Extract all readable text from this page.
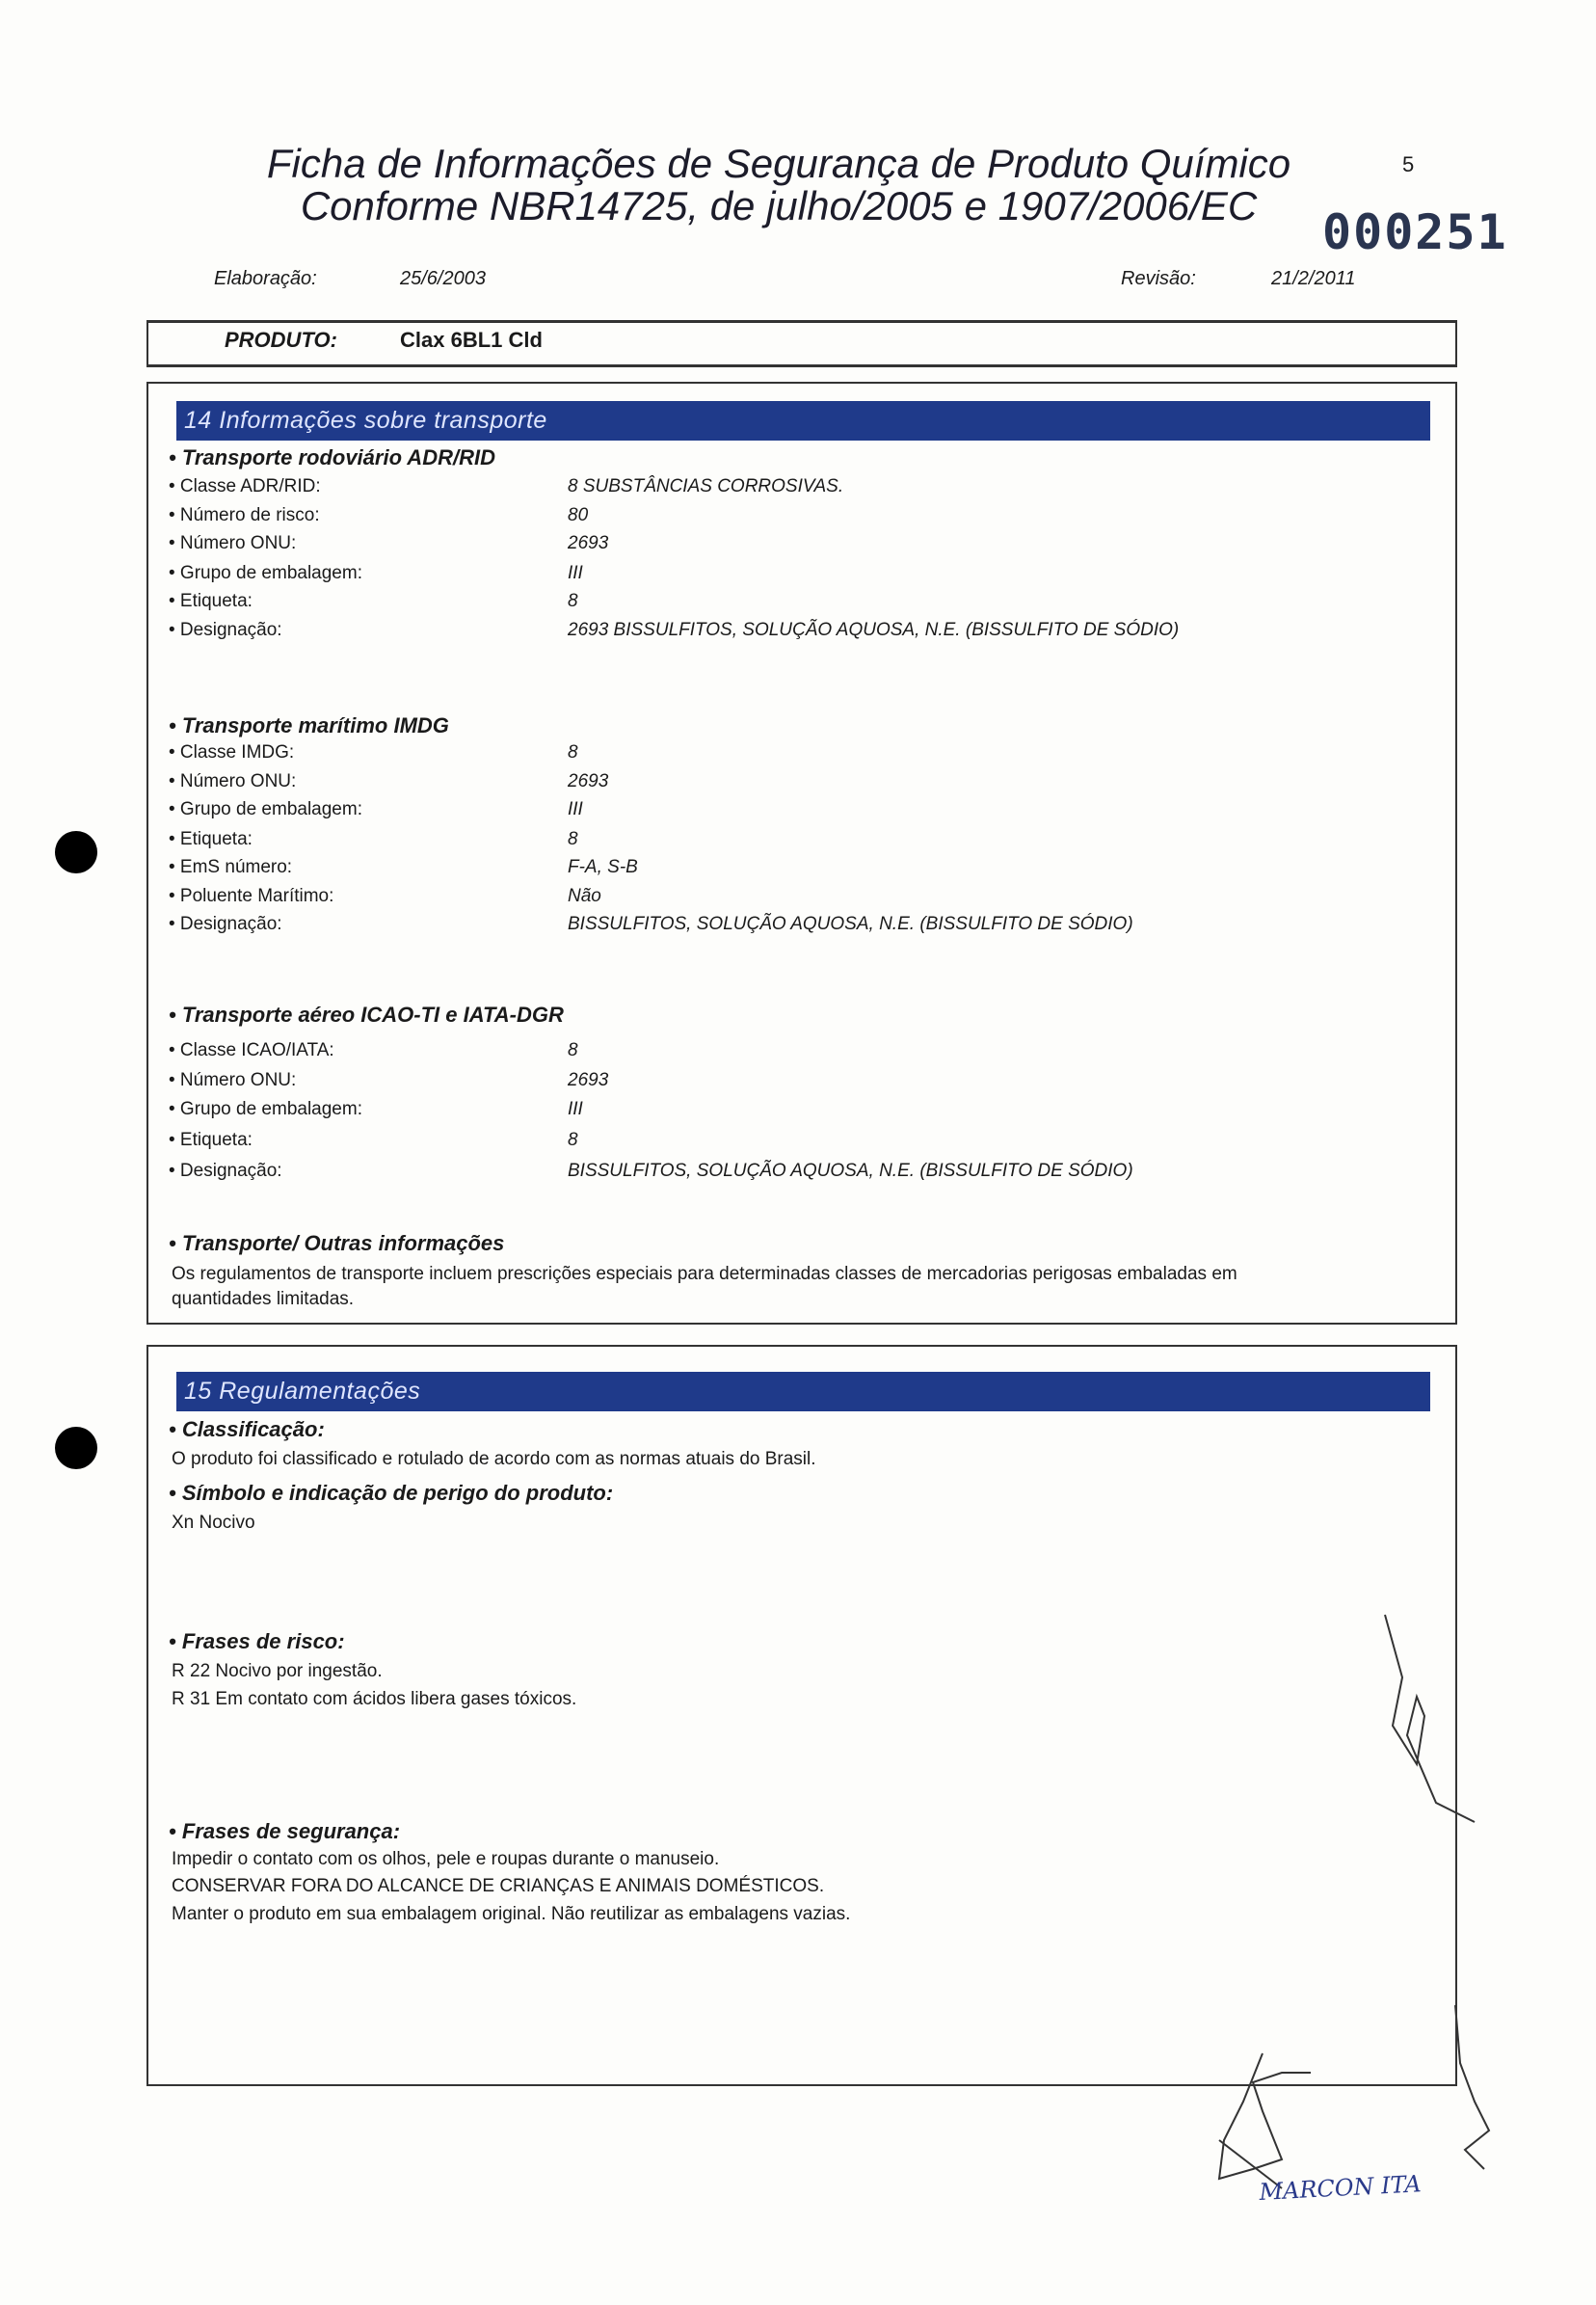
Ficha de Informações de Segurança de Produto Químico
Conforme NBR14725, de julho/2005 e 1907/2006/EC
5
000251
Elaboração:	25/6/2003	Revisão:	21/2/2011
PRODUTO:	Clax 6BL1 Cld
14 Informações sobre transporte
• Transporte rodoviário ADR/RID
• Classe ADR/RID:	8 SUBSTÂNCIAS CORROSIVAS.
• Número de risco:	80
• Número ONU:	2693
• Grupo de embalagem:	III
• Etiqueta:	8
• Designação:	2693 BISSULFITOS, SOLUÇÃO AQUOSA, N.E. (BISSULFITO DE SÓDIO)
• Transporte marítimo IMDG
• Classe IMDG:	8
• Número ONU:	2693
• Grupo de embalagem:	III
• Etiqueta:	8
• EmS número:	F-A, S-B
• Poluente Marítimo:	Não
• Designação:	BISSULFITOS, SOLUÇÃO AQUOSA, N.E. (BISSULFITO DE SÓDIO)
• Transporte aéreo ICAO-TI e IATA-DGR
• Classe ICAO/IATA:	8
• Número ONU:	2693
• Grupo de embalagem:	III
• Etiqueta:	8
• Designação:	BISSULFITOS, SOLUÇÃO AQUOSA, N.E. (BISSULFITO DE SÓDIO)
• Transporte/ Outras informações
Os regulamentos de transporte incluem prescrições especiais para determinadas classes de mercadorias perigosas embaladas em
quantidades limitadas.
15 Regulamentações
• Classificação:
O produto foi classificado e rotulado de acordo com as normas atuais do Brasil.
• Símbolo e indicação de perigo do produto:
Xn Nocivo
• Frases de risco:
R 22 Nocivo por ingestão.
R 31 Em contato com ácidos libera gases tóxicos.
• Frases de segurança:
Impedir o contato com os olhos, pele e roupas durante o manuseio.
CONSERVAR FORA DO ALCANCE DE CRIANÇAS E ANIMAIS DOMÉSTICOS.
Manter o produto em sua embalagem original. Não reutilizar as embalagens vazias.
MARCON ITA
